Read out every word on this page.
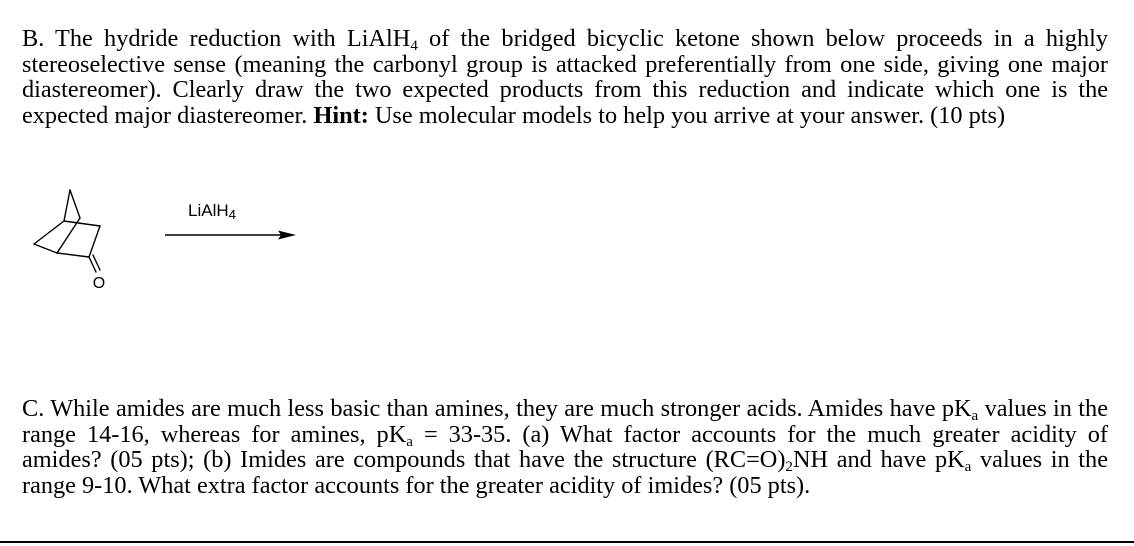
B. The hydride reduction with LiAlH$_4$ of the bridged bicyclic ketone shown below proceeds in a highly stereoselective sense (meaning the carbonyl group is attacked preferentially from one side, giving one major diastereomer). Clearly draw the two expected products from this reduction and indicate which one is the expected major diastereomer. Hint: Use molecular models to help you arrive at your answer. (10 pts)

O
LiAlH$_4$

C. While amides are much less basic than amines, they are much stronger acids. Amides have $pK_a$ values in the range 14-16, whereas for amines, $pK_a = 33-35$. (a) What factor accounts for the much greater acidity of amides? (05 pts); (b) Imides are compounds that have the structure $(RC=O)_2NH$ and have $pK_a$ values in the range 9-10. What extra factor accounts for the greater acidity of imides? (05 pts).
